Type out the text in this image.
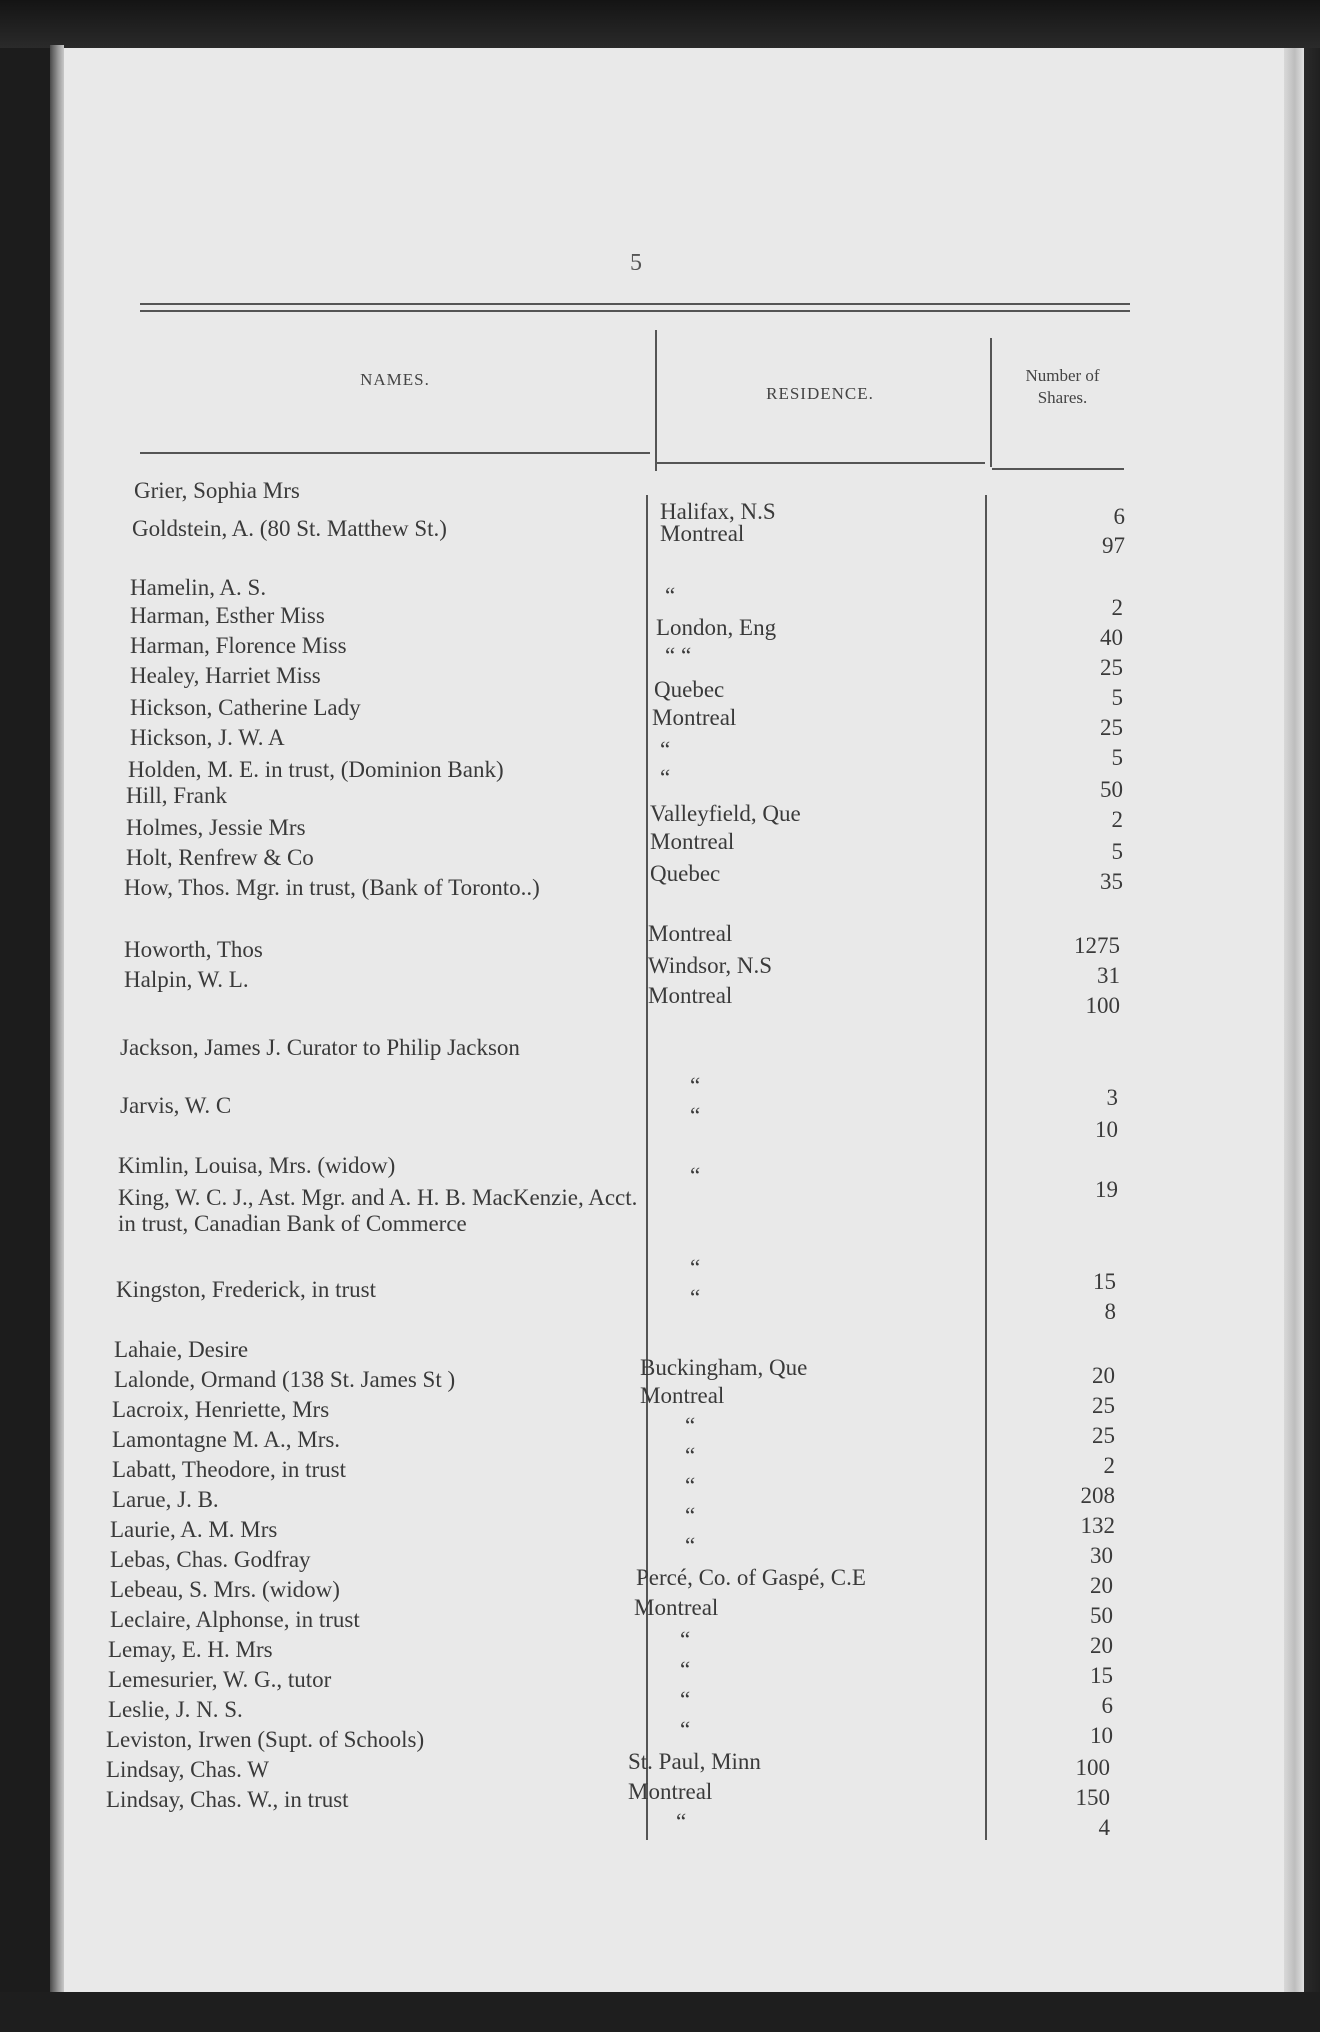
5
NAMES.
RESIDENCE.
Number of Shares.
Grier, Sophia Mrs
Goldstein, A. (80 St. Matthew St.)
Hamelin, A. S.
Harman, Esther Miss
Harman, Florence Miss
Healey, Harriet Miss
Hickson, Catherine Lady
Hickson, J. W. A
Holden, M. E. in trust, (Dominion Bank)
Hill, Frank
Holmes, Jessie Mrs
Holt, Renfrew & Co
How, Thos. Mgr. in trust, (Bank of Toronto..)
Howorth, Thos
Halpin, W. L.
Jackson, James J. Curator to Philip Jackson
Jarvis, W. C
Kimlin, Louisa, Mrs. (widow)
King, W. C. J., Ast. Mgr. and A. H. B. MacKenzie, Acct. in trust, Canadian Bank of Commerce
Kingston, Frederick, in trust
Lahaie, Desire
Lalonde, Ormand (138 St. James St )
Lacroix, Henriette, Mrs
Lamontagne M. A., Mrs.
Labatt, Theodore, in trust
Larue, J. B.
Laurie, A. M. Mrs
Lebas, Chas. Godfray
Lebeau, S. Mrs. (widow)
Leclaire, Alphonse, in trust
Lemay, E. H. Mrs
Lemesurier, W. G., tutor
Leslie, J. N. S.
Leviston, Irwen (Supt. of Schools)
Lindsay, Chas. W
Lindsay, Chas. W., in trust
Halifax, N.S
Montreal
“
London, Eng
“ “
Quebec
Montreal
“
“
Valleyfield, Que
Montreal
Quebec
Montreal
Windsor, N.S
Montreal
“
“
“
“
“
Buckingham, Que
Montreal
“
“
“
“
“
Percé, Co. of Gaspé, C.E
Montreal
“
“
“
“
St. Paul, Minn
Montreal
“
6
97
2
40
25
5
25
5
50
2
5
35
1275
31
100
3
10
19
15
8
20
25
25
2
208
132
30
20
50
20
15
6
10
100
150
4
